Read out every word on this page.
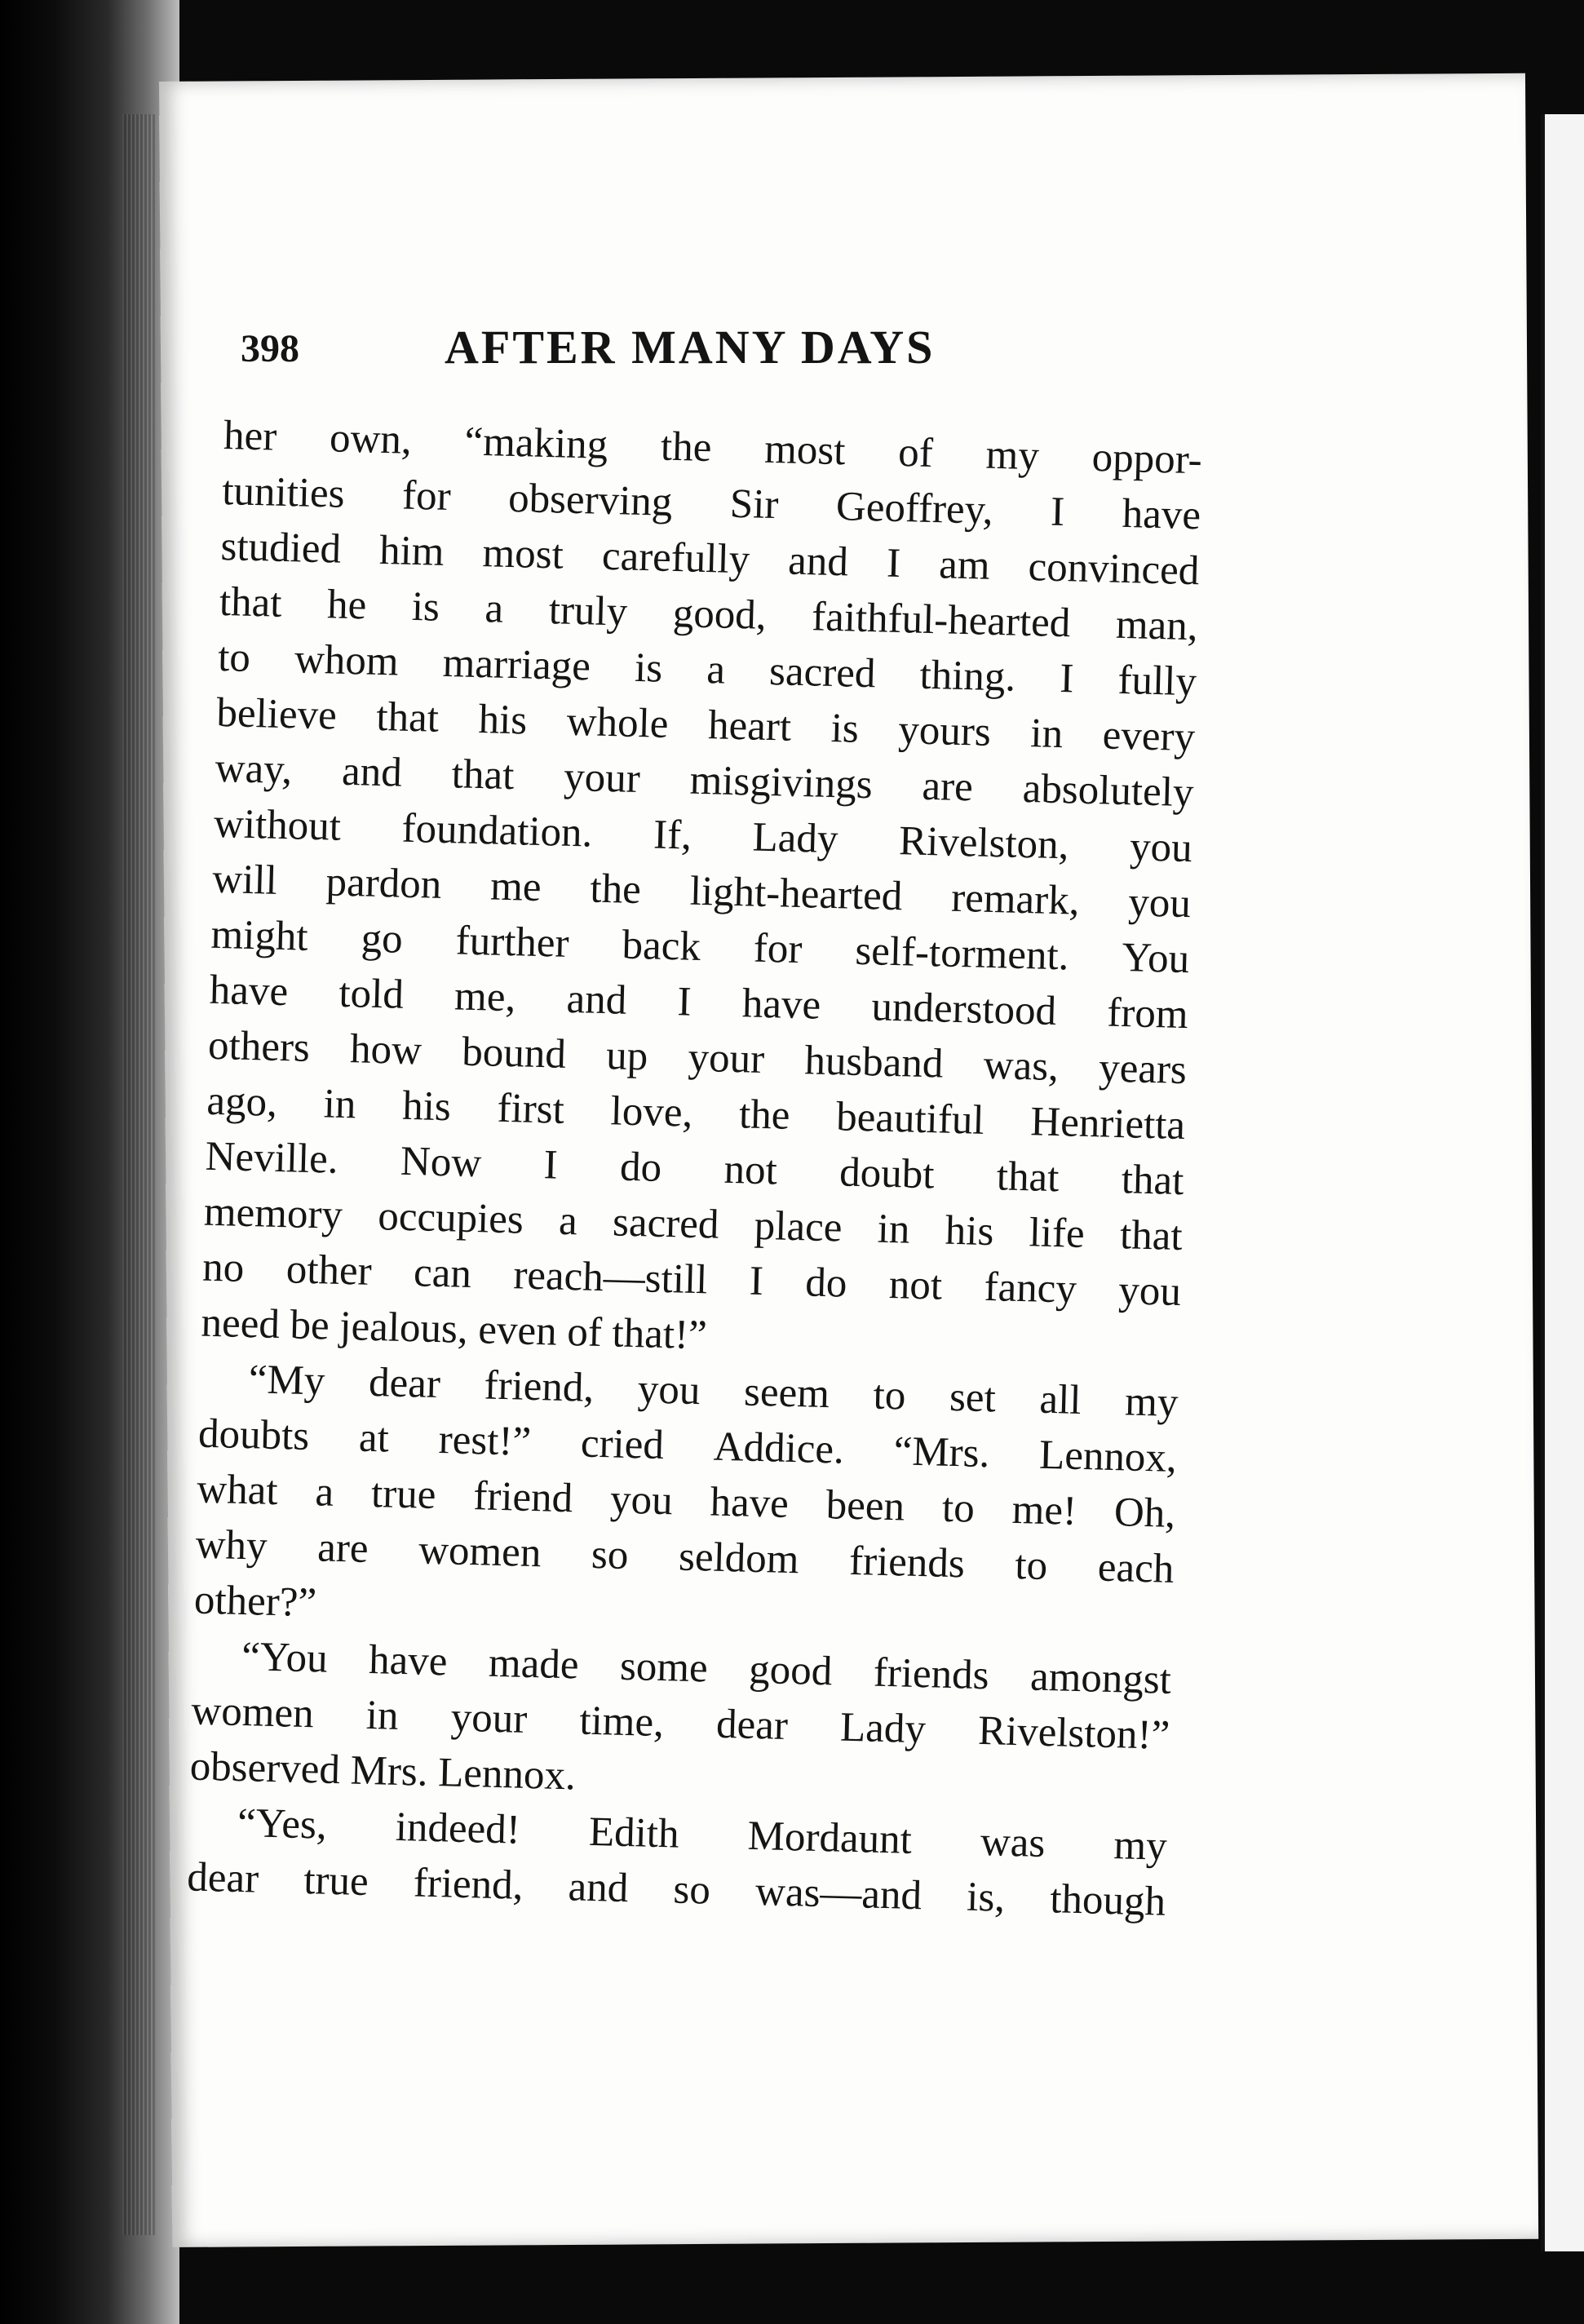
398	AFTER MANY DAYS
her own, “making the most of my oppor-
tunities for observing Sir Geoffrey, I have
studied him most carefully and I am convinced
that he is a truly good, faithful-hearted man,
to whom marriage is a sacred thing. I fully
believe that his whole heart is yours in every
way, and that your misgivings are absolutely
without foundation. If, Lady Rivelston, you
will pardon me the light-hearted remark, you
might go further back for self-torment. You
have told me, and I have understood from
others how bound up your husband was, years
ago, in his first love, the beautiful Henrietta
Neville. Now I do not doubt that that
memory occupies a sacred place in his life that
no other can reach—still I do not fancy you
need be jealous, even of that!”
“My dear friend, you seem to set all my
doubts at rest!” cried Addice. “Mrs. Lennox,
what a true friend you have been to me! Oh,
why are women so seldom friends to each
other?”
“You have made some good friends amongst
women in your time, dear Lady Rivelston!”
observed Mrs. Lennox.
“Yes, indeed! Edith Mordaunt was my
dear true friend, and so was—and is, though
